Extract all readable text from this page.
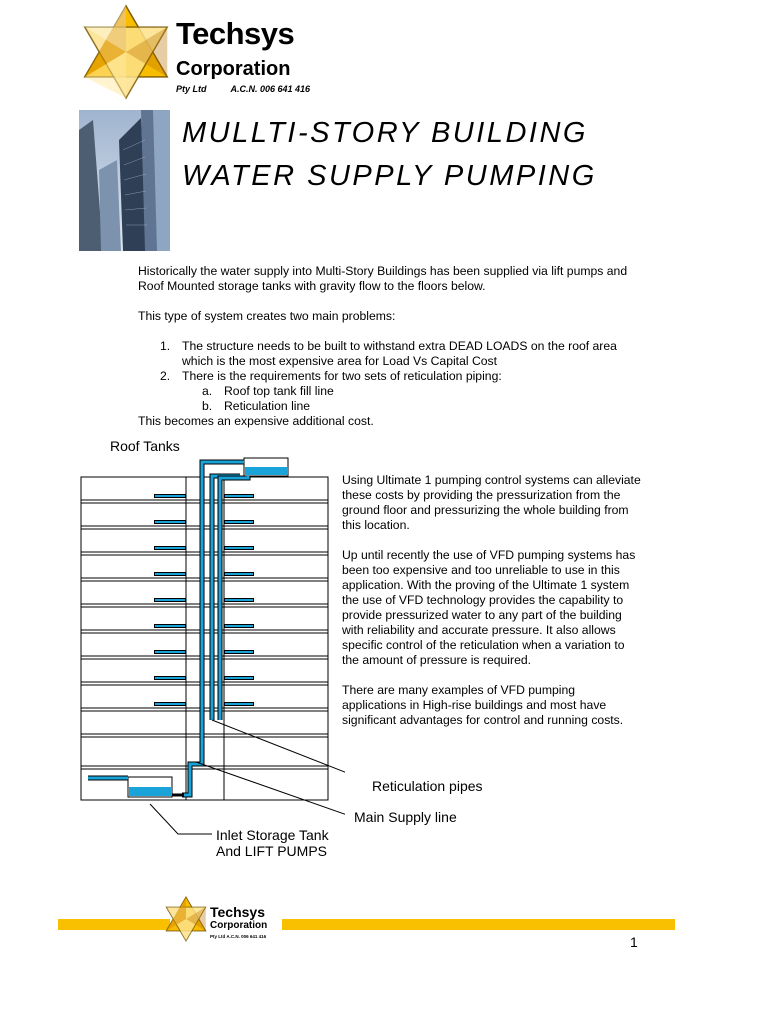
Techsys
Corporation
Pty Ltd	A.C.N. 006 641 416
MULLTI-STORY BUILDING
WATER SUPPLY PUMPING

Historically the water supply into Multi-Story Buildings has been supplied via lift pumps and Roof Mounted storage tanks with gravity flow to the floors below.

This type of system creates two main problems:

1. The structure needs to be built to withstand extra DEAD LOADS on the roof area which is the most expensive area for Load Vs Capital Cost
2. There is the requirements for two sets of reticulation piping:
a. Roof top tank fill line
b. Reticulation line

This becomes an expensive additional cost.

Roof Tanks
Reticulation pipes
Main Supply line
Inlet Storage Tank
And LIFT PUMPS

Using Ultimate 1 pumping control systems can alleviate these costs by providing the pressurization from the ground floor and pressurizing the whole building from this location.

Up until recently the use of VFD pumping systems has been too expensive and too unreliable to use in this application. With the proving of the Ultimate 1 system the use of VFD technology provides the capability to provide pressurized water to any part of the building with reliability and accurate pressure. It also allows specific control of the reticulation when a variation to the amount of pressure is required.

There are many examples of VFD pumping applications in High-rise buildings and most have significant advantages for control and running costs.

Techsys
Corporation
Pty Ltd A.C.N. 006 641 416	1
